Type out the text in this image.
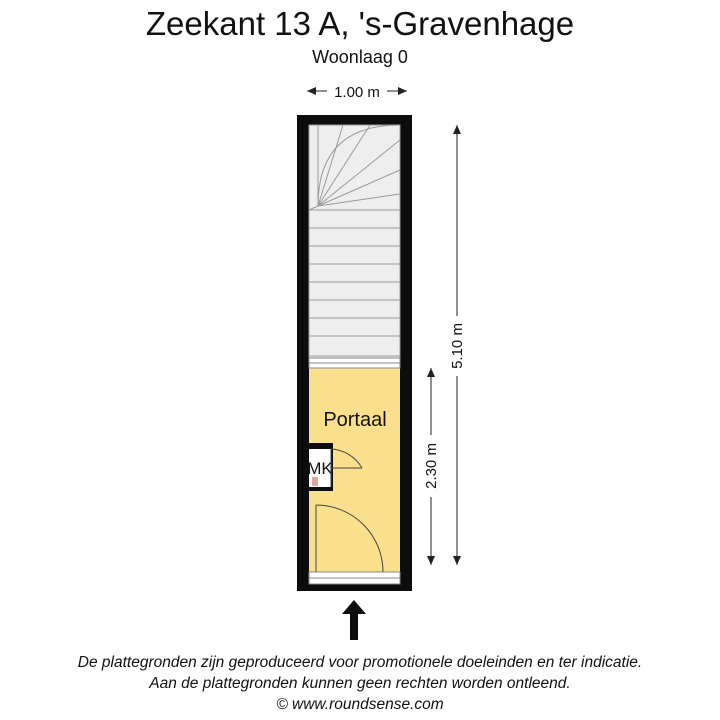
Zeekant 13 A, 's-Gravenhage
Woonlaag 0
1.00 m
Portaal
MK
5.10 m
2.30 m
De plattegronden zijn geproduceerd voor promotionele doeleinden en ter indicatie.
Aan de plattegronden kunnen geen rechten worden ontleend.
© www.roundsense.com
